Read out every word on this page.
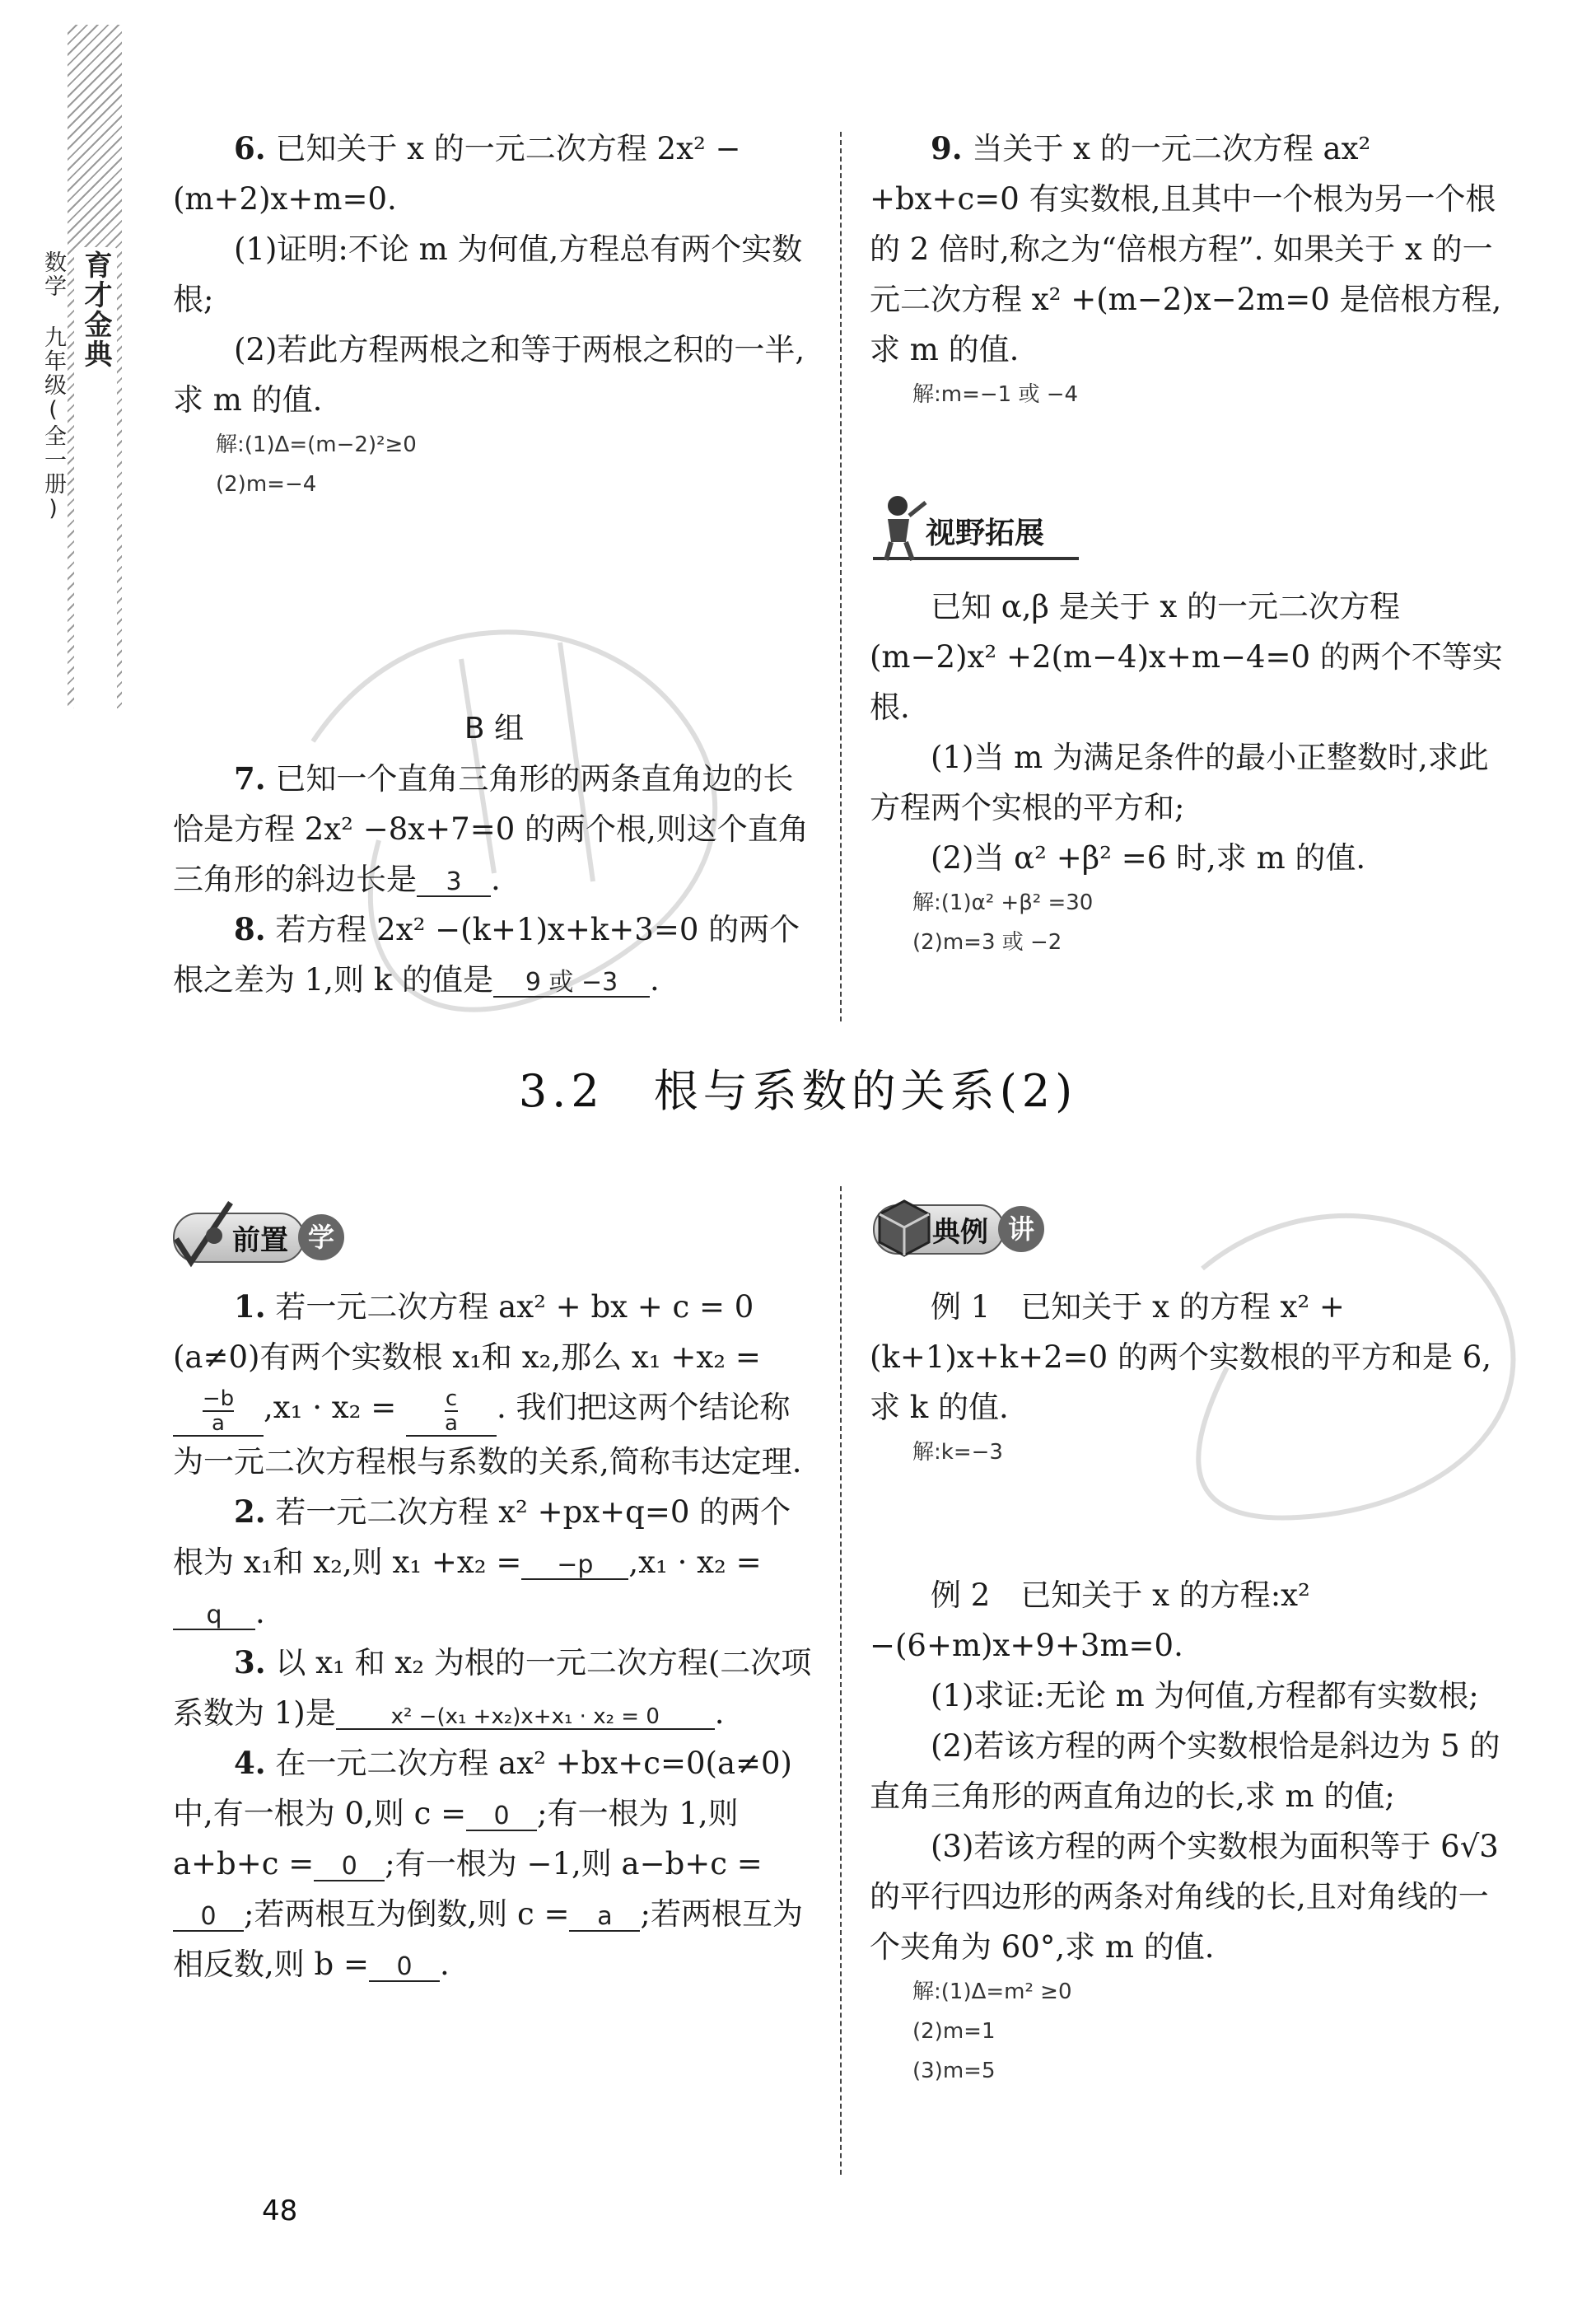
育才金典
数学 九年级(全一册)

6. 已知关于 x 的一元二次方程 2x² −

(m+2)x+m=0.

(1)证明:不论 m 为何值,方程总有两个实数根;

(2)若此方程两根之和等于两根之积的一半,求 m 的值.

解:(1)Δ=(m−2)²≥0

(2)m=−4

B 组

7. 已知一个直角三角形的两条直角边的长恰是方程 2x² −8x+7=0 的两个根,则这个直角三角形的斜边长是 3 .

8. 若方程 2x² −(k+1)x+k+3=0 的两个根之差为 1,则 k 的值是 9 或 −3 .

9. 当关于 x 的一元二次方程 ax² +bx+c=0 有实数根,且其中一个根为另一个根的 2 倍时,称之为“倍根方程”. 如果关于 x 的一元二次方程 x² +(m−2)x−2m=0 是倍根方程,求 m 的值.

解:m=−1 或 −4

视野拓展

已知 α,β 是关于 x 的一元二次方程 (m−2)x² +2(m−4)x+m−4=0 的两个不等实根.

(1)当 m 为满足条件的最小正整数时,求此方程两个实根的平方和;

(2)当 α² +β² =6 时,求 m 的值.

解:(1)α² +β² =30

(2)m=3 或 −2

3.2　根与系数的关系(2)
前置 学

1. 若一元二次方程 ax² + bx + c = 0 (a≠0)有两个实数根 x₁和 x₂,那么 x₁ +x₂ =

$\frac{-b}{a} ,x_1 \cdot x_2 = \frac{c}{a}$ . 我们把这两个结论称为一元二次方程根与系数的关系,简称韦达定理.

2. 若一元二次方程 x² +px+q=0 的两个根为 x₁和 x₂,则 x₁ +x₂ = −p ,x₁ · x₂ =q .

3. 以 x₁ 和 x₂ 为根的一元二次方程(二次项系数为 1)是	x² −(x₁ +x₂)x+x₁ · x₂ = 0 .

4. 在一元二次方程 ax² +bx+c=0(a≠0)中,有一根为 0,则 c = 0 ;有一根为 1,则 a+b+c = 0 ;有一根为 −1,则 a−b+c =0 ;若两根互为倒数,则 c = a ;若两根互为相反数,则 b = 0 .

典例 讲

例 1　已知关于 x 的方程 x² +(k+1)x+k+2=0 的两个实数根的平方和是 6,求 k 的值.

解:k=−3

例 2　已知关于 x 的方程:x² −(6+m)x+9+3m=0.

(1)求证:无论 m 为何值,方程都有实数根;

(2)若该方程的两个实数根恰是斜边为 5 的直角三角形的两直角边的长,求 m 的值;

(3)若该方程的两个实数根为面积等于 6√3的平行四边形的两条对角线的长,且对角线的一个夹角为 60°,求 m 的值.

解:(1)Δ=m² ≥0

(2)m=1

(3)m=5

48
